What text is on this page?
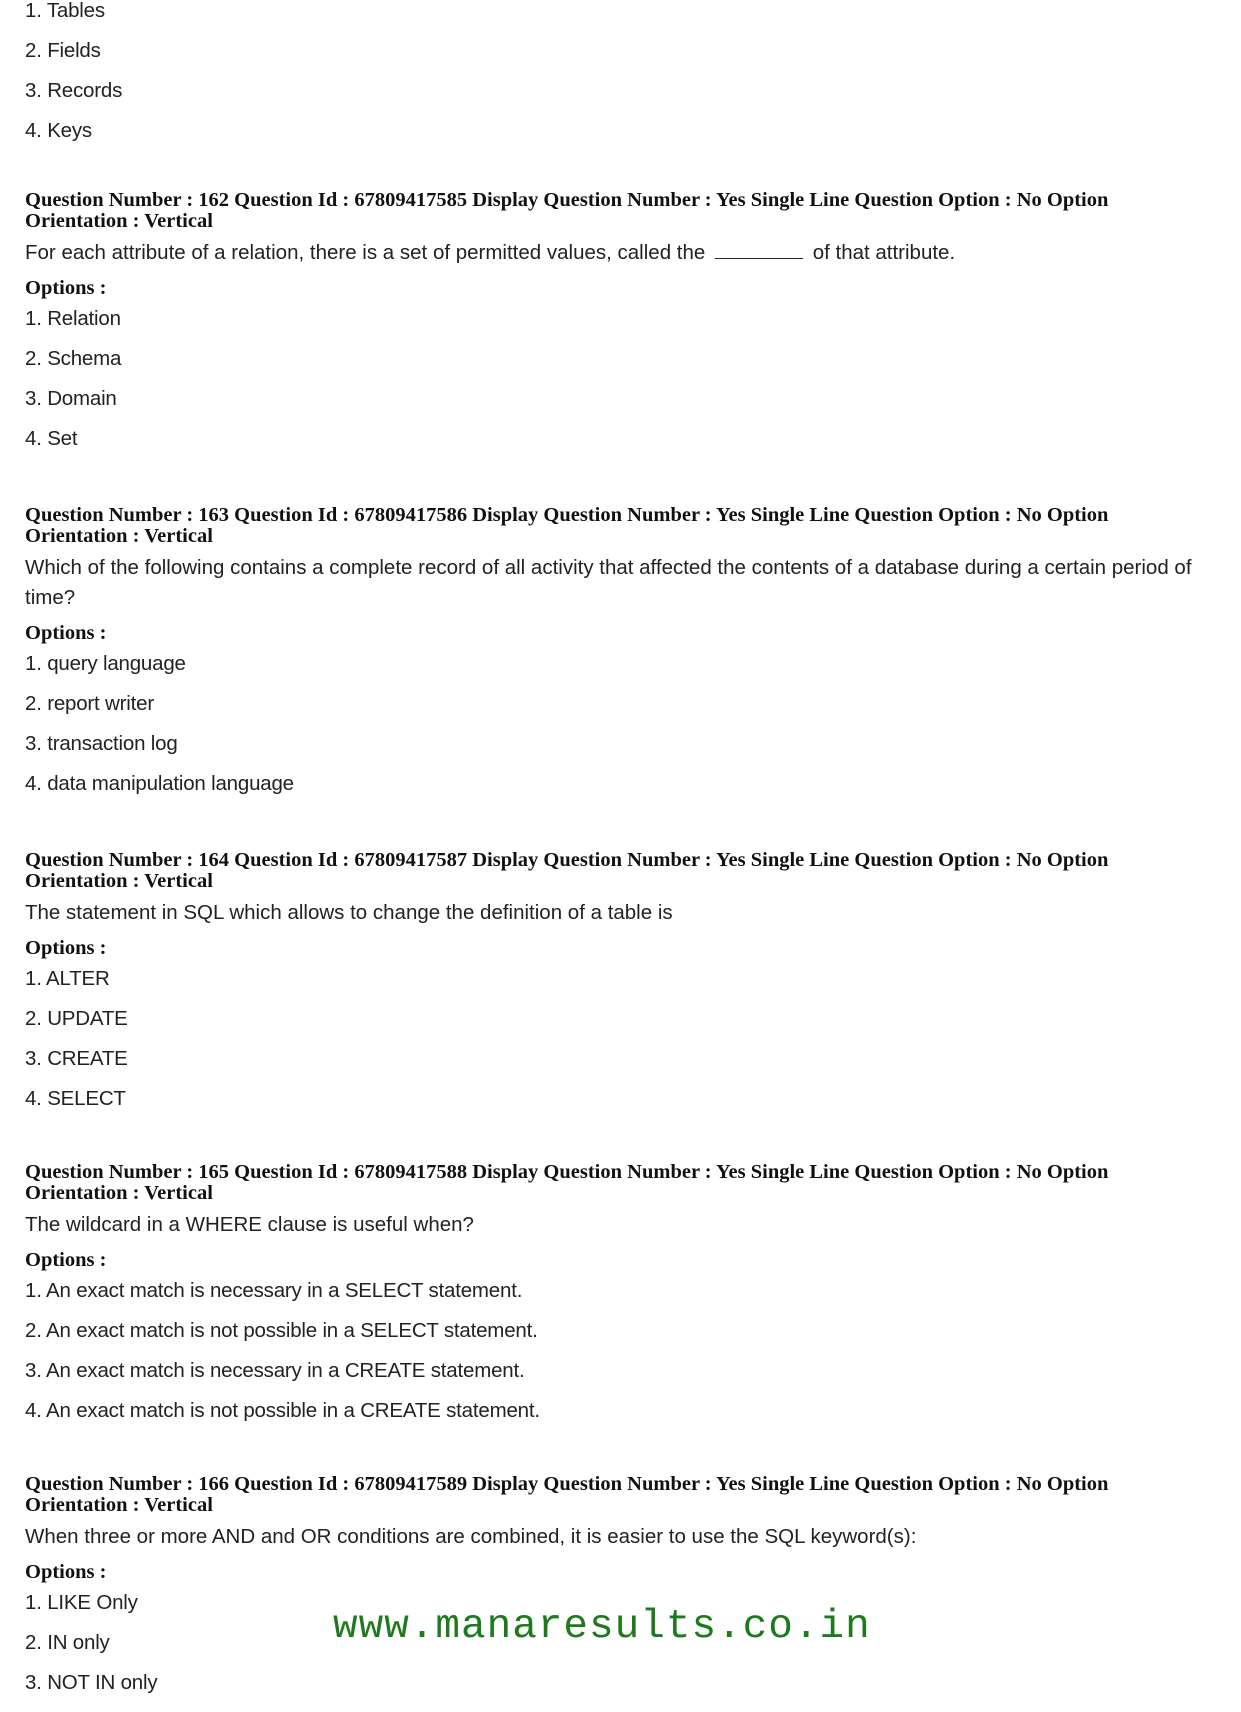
1. Tables
2. Fields
3. Records
4. Keys
Question Number : 162 Question Id : 67809417585 Display Question Number : Yes Single Line Question Option : No Option
Orientation : Vertical
For each attribute of a relation, there is a set of permitted values, called the	of that attribute.
Options :
1. Relation
2. Schema
3. Domain
4. Set
Question Number : 163 Question Id : 67809417586 Display Question Number : Yes Single Line Question Option : No Option
Orientation : Vertical
Which of the following contains a complete record of all activity that affected the contents of a database during a certain period of time?
Options :
1. query language
2. report writer
3. transaction log
4. data manipulation language
Question Number : 164 Question Id : 67809417587 Display Question Number : Yes Single Line Question Option : No Option
Orientation : Vertical
The statement in SQL which allows to change the definition of a table is
Options :
1. ALTER
2. UPDATE
3. CREATE
4. SELECT
Question Number : 165 Question Id : 67809417588 Display Question Number : Yes Single Line Question Option : No Option
Orientation : Vertical
The wildcard in a WHERE clause is useful when?
Options :
1. An exact match is necessary in a SELECT statement.
2. An exact match is not possible in a SELECT statement.
3. An exact match is necessary in a CREATE statement.
4. An exact match is not possible in a CREATE statement.
Question Number : 166 Question Id : 67809417589 Display Question Number : Yes Single Line Question Option : No Option
Orientation : Vertical
When three or more AND and OR conditions are combined, it is easier to use the SQL keyword(s):
Options :
1. LIKE Only
2. IN only
3. NOT IN only
www.manaresults.co.in
